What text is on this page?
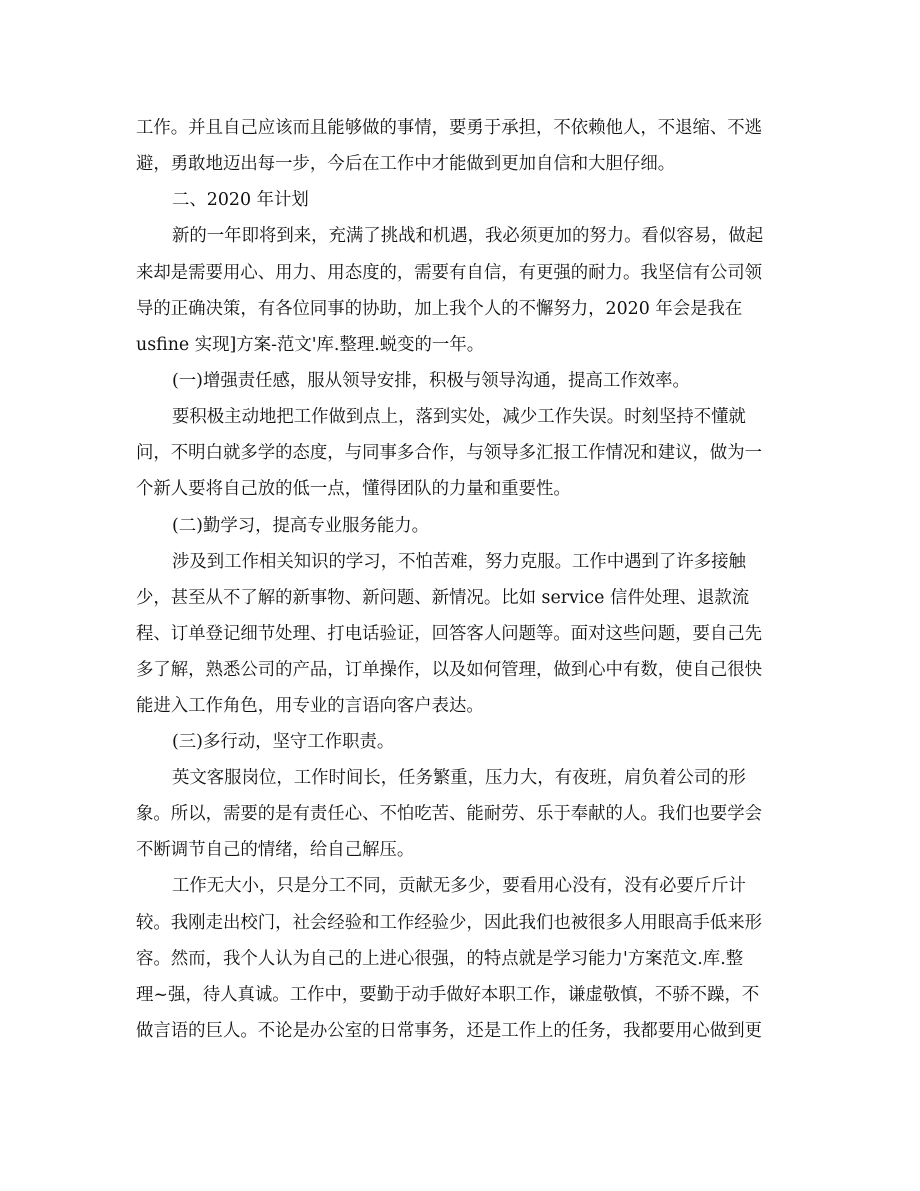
工作。并且自己应该而且能够做的事情，要勇于承担，不依赖他人，不退缩、不逃
避，勇敢地迈出每一步，今后在工作中才能做到更加自信和大胆仔细。
二、2020 年计划
新的一年即将到来，充满了挑战和机遇，我必须更加的努力。看似容易，做起
来却是需要用心、用力、用态度的，需要有自信，有更强的耐力。我坚信有公司领
导的正确决策，有各位同事的协助，加上我个人的不懈努力，2020 年会是我在
usfine 实现]方案-范文'库.整理.蜕变的一年。
(一)增强责任感，服从领导安排，积极与领导沟通，提高工作效率。
要积极主动地把工作做到点上，落到实处，减少工作失误。时刻坚持不懂就
问，不明白就多学的态度，与同事多合作，与领导多汇报工作情况和建议，做为一
个新人要将自己放的低一点，懂得团队的力量和重要性。
(二)勤学习，提高专业服务能力。
涉及到工作相关知识的学习，不怕苦难，努力克服。工作中遇到了许多接触
少，甚至从不了解的新事物、新问题、新情况。比如 service 信件处理、退款流
程、订单登记细节处理、打电话验证，回答客人问题等。面对这些问题，要自己先
多了解，熟悉公司的产品，订单操作，以及如何管理，做到心中有数，使自己很快
能进入工作角色，用专业的言语向客户表达。
(三)多行动，坚守工作职责。
英文客服岗位，工作时间长，任务繁重，压力大，有夜班，肩负着公司的形
象。所以，需要的是有责任心、不怕吃苦、能耐劳、乐于奉献的人。我们也要学会
不断调节自己的情绪，给自己解压。
工作无大小，只是分工不同，贡献无多少，要看用心没有，没有必要斤斤计
较。我刚走出校门，社会经验和工作经验少，因此我们也被很多人用眼高手低来形
容。然而，我个人认为自己的上进心很强，的特点就是学习能力'方案范文.库.整
理~强，待人真诚。工作中，要勤于动手做好本职工作，谦虚敬慎，不骄不躁，不
做言语的巨人。不论是办公室的日常事务，还是工作上的任务，我都要用心做到更
